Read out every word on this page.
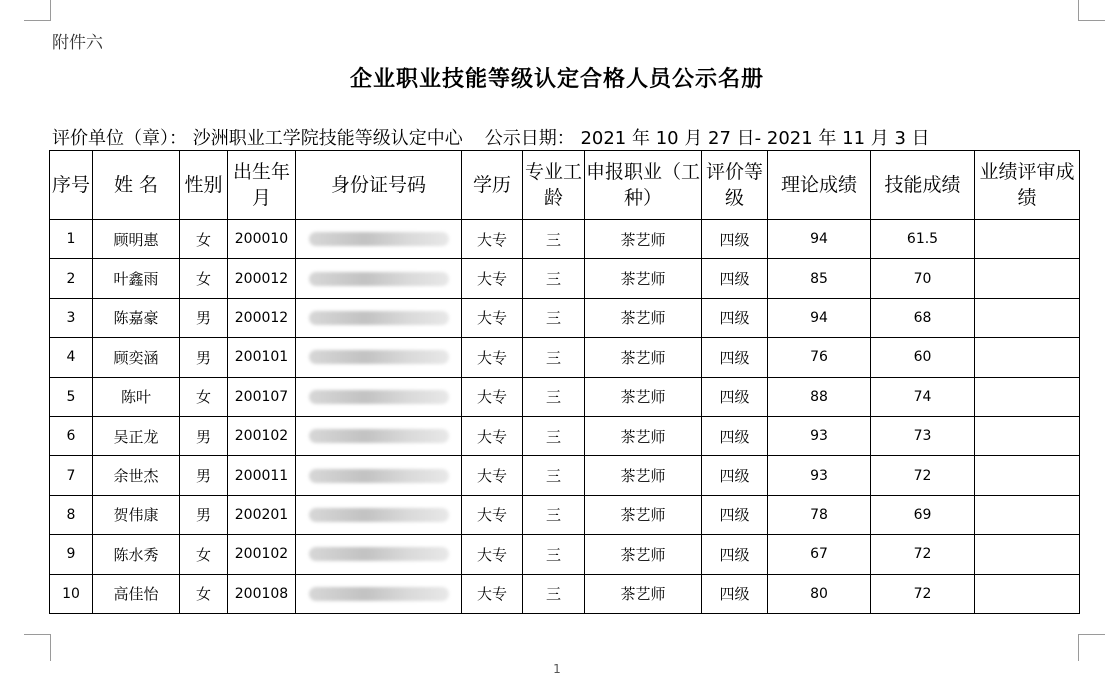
附件六
企业职业技能等级认定合格人员公示名册
评价单位（章）： 沙洲职业工学院技能等级认定中心 公示日期： 2021 年 10 月 27 日- 2021 年 11 月 3 日
序号	姓 名	性别	出生年月	身份证号码	学历	专业工龄	申报职业（工种）	评价等级	理论成绩	技能成绩	业绩评审成绩
1	顾明惠	女	200010		大专	三	茶艺师	四级	94	61.5	
2	叶鑫雨	女	200012		大专	三	茶艺师	四级	85	70	
3	陈嘉豪	男	200012		大专	三	茶艺师	四级	94	68	
4	顾奕涵	男	200101		大专	三	茶艺师	四级	76	60	
5	陈叶	女	200107		大专	三	茶艺师	四级	88	74	
6	吴正龙	男	200102		大专	三	茶艺师	四级	93	73	
7	余世杰	男	200011		大专	三	茶艺师	四级	93	72	
8	贺伟康	男	200201		大专	三	茶艺师	四级	78	69	
9	陈水秀	女	200102		大专	三	茶艺师	四级	67	72	
10	高佳怡	女	200108		大专	三	茶艺师	四级	80	72	
1
